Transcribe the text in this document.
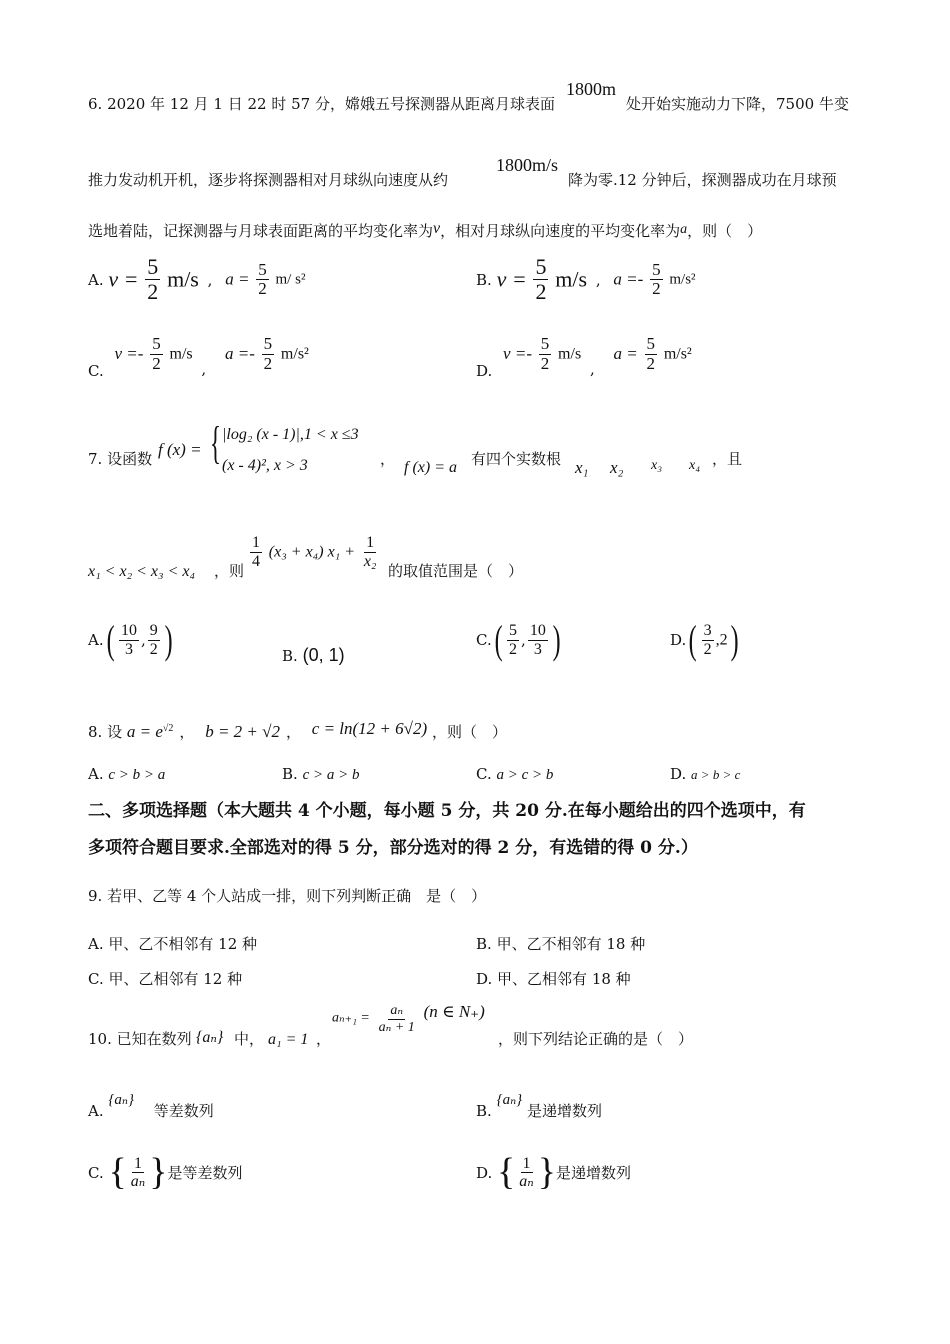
6. 2020 年 12 月 1 日 22 时 57 分，嫦娥五号探测器从距离月球表面
1800m
处开始实施动力下降，7500 牛变
推力发动机开机，逐步将探测器相对月球纵向速度从约
1800m/s
降为零.12 分钟后，探测器成功在月球预
选地着陆，记探测器与月球表面距离的平均变化率为v，相对月球纵向速度的平均变化率为a，则（　）
A. $v = \frac{5}{2} m/s$ , $a = \frac{5}{2} m/$ s²	B. $v = \frac{5}{2} m/s$ , $a =- \frac{5}{2} m/s^2$
C. $v =- \frac{5}{2} m/s$ , $a =- \frac{5}{2} m/s^2$
D. $v =- \frac{5}{2} m/s$ , $a = \frac{5}{2} m/s^2$
7. 设函数 f (x) = { |log₂ (x - 1)|,1 < x ≤3
(x - 4)², x > 3	， f (x) = a 有四个实数根 x₁ x₂ x₃ x₄ ，且
x₁ < x₂ < x₃ < x₄ ，则
$\frac{1}{4} (x_3 + x_4) x_1 + \frac{1}{\text{x₂}}$
的取值范围是（　）
$A.( \frac{10}{3}$ , $\frac{9}{2}$ )	B. (0, 1)
$C.( \frac{5}{2}$ , $\frac{10}{3}$ )	$D.( \frac{3}{2} ,2)$
8. 设 $a = e^{√2}$ ， b = 2 + √2 ， c = ln(12 + 6√2) ，则（　）
A. c > b > a	B. c > a > b	C. a > c > b	D. a > b > c
二、多项选择题（本大题共 4 个小题，每小题 5 分，共 20 分.在每小题给出的四个选项中，有
多项符合题目要求.全部选对的得 5 分，部分选对的得 2 分，有选错的得 0 分.）
9. 若甲、乙等 4 个人站成一排，则下列判断正确　是（　）
A. 甲、乙不相邻有 12 种	B. 甲、乙不相邻有 18 种
C. 甲、乙相邻有 12 种	D. 甲、乙相邻有 18 种
10. 已知在数列 {aₙ} 中， a₁ = 1 ，
$a_{n+1} = \frac{\text{aₙ}}{\text{aₙ + 1}} (n$ ∈ N₊)
，则下列结论正确的是（　）
A. {aₙ} 　等差数列	B. {aₙ} 是递增数列
C. { $\frac{1}{\text{aₙ}}$ }是等差数列	D. { $\frac{1}{\text{aₙ}}$ }是递增数列
